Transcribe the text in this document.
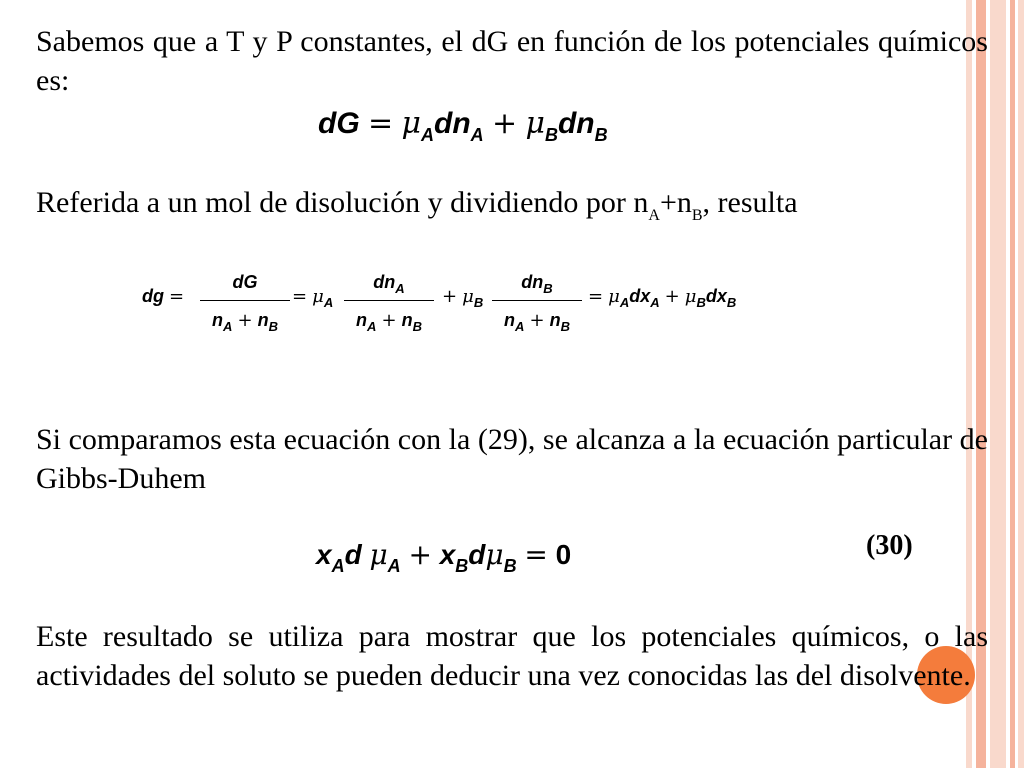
Sabemos que a T y P constantes, el dG en función de los potenciales químicos es:
dG = $\mu_Adn_A + \mu_Bdn_B$
Referida a un mol de disolución y dividiendo por $n_A+n_B$, resulta
dg =
dG
$n_A + n_B$
= $\mu_A$
$dn_A$
$n_A + n_B$
+ $\mu_B$
$dn_B$
$n_A + n_B$
= $\mu_Adx_A + \mu_Bdx_B$
Si comparamos esta ecuación con la (29), se alcanza a la ecuación particular de Gibbs-Duhem
$x_Ad$ $\mu_A + x_Bd\mu_B = 0$	(30)
Este resultado se utiliza para mostrar que los potenciales químicos, o las actividades del soluto se pueden deducir una vez conocidas las del disolvente.
